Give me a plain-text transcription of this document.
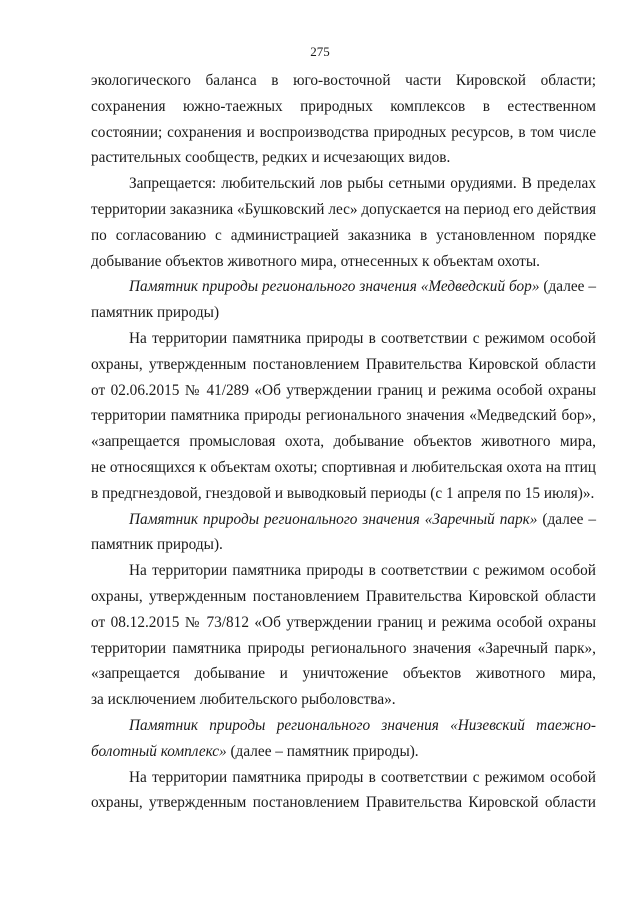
275
экологического баланса в юго-восточной части Кировской области;
сохранения южно-таежных природных комплексов в естественном
состоянии; сохранения и воспроизводства природных ресурсов, в том числе
растительных сообществ, редких и исчезающих видов.
Запрещается: любительский лов рыбы сетными орудиями. В пределах
территории заказника «Бушковский лес» допускается на период его действия
по согласованию с администрацией заказника в установленном порядке
добывание объектов животного мира, отнесенных к объектам охоты.
Памятник природы регионального значения «Медведский бор» (далее –
памятник природы)
На территории памятника природы в соответствии с режимом особой
охраны, утвержденным постановлением Правительства Кировской области
от 02.06.2015 № 41/289 «Об утверждении границ и режима особой охраны
территории памятника природы регионального значения «Медведский бор»,
«запрещается промысловая охота, добывание объектов животного мира,
не относящихся к объектам охоты; спортивная и любительская охота на птиц
в предгнездовой, гнездовой и выводковый периоды (с 1 апреля по 15 июля)».
Памятник природы регионального значения «Заречный парк» (далее –
памятник природы).
На территории памятника природы в соответствии с режимом особой
охраны, утвержденным постановлением Правительства Кировской области
от 08.12.2015 № 73/812 «Об утверждении границ и режима особой охраны
территории памятника природы регионального значения «Заречный парк»,
«запрещается добывание и уничтожение объектов животного мира,
за исключением любительского рыболовства».
Памятник природы регионального значения «Низевский таежно-
болотный комплекс» (далее – памятник природы).
На территории памятника природы в соответствии с режимом особой
охраны, утвержденным постановлением Правительства Кировской области
